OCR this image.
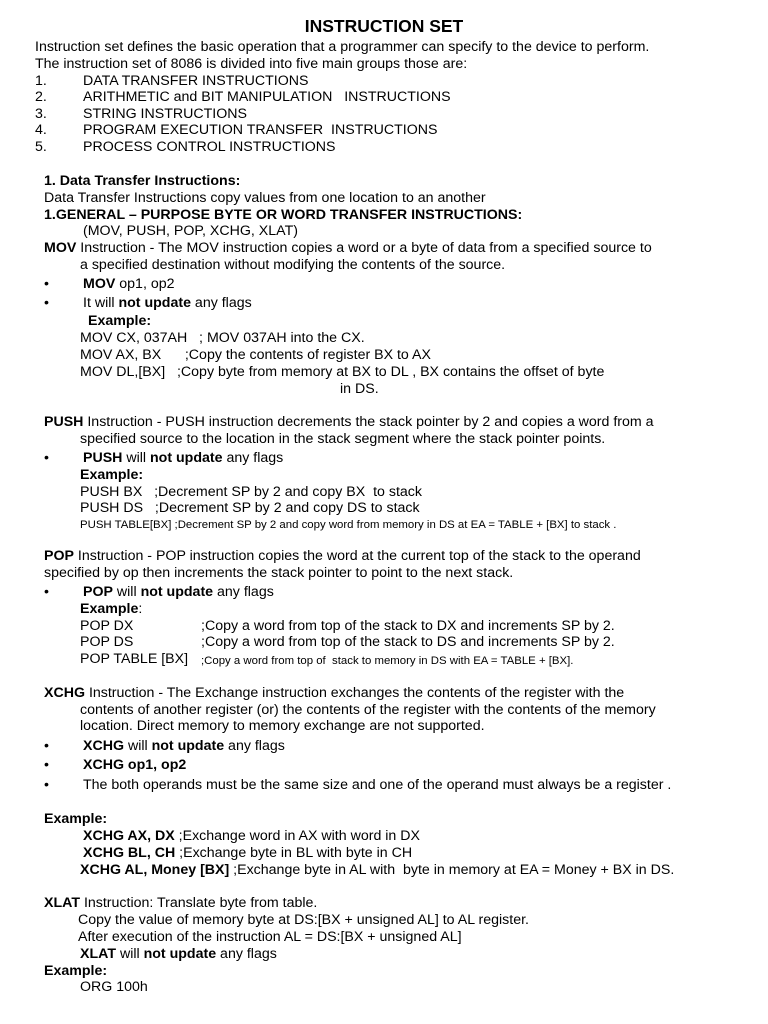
INSTRUCTION SET
Instruction set defines the basic operation that a programmer can specify to the device to perform.
The instruction set of 8086 is divided into five main groups those are:
1.	DATA TRANSFER INSTRUCTIONS
2.	ARITHMETIC and BIT MANIPULATION   INSTRUCTIONS
3.	STRING INSTRUCTIONS
4.	PROGRAM EXECUTION TRANSFER  INSTRUCTIONS
5.	PROCESS CONTROL INSTRUCTIONS
1. Data Transfer Instructions:
Data Transfer Instructions copy values from one location to an another
1.GENERAL – PURPOSE BYTE OR WORD TRANSFER INSTRUCTIONS:
(MOV, PUSH, POP, XCHG, XLAT)
MOV Instruction - The MOV instruction copies a word or a byte of data from a specified source to
a specified destination without modifying the contents of the source.
• MOV op1, op2
• It will not update any flags
Example:
MOV CX, 037AH   ; MOV 037AH into the CX.
MOV AX, BX      ;Copy the contents of register BX to AX
MOV DL,[BX]   ;Copy byte from memory at BX to DL , BX contains the offset of byte
in DS.
PUSH Instruction - PUSH instruction decrements the stack pointer by 2 and copies a word from a
specified source to the location in the stack segment where the stack pointer points.
• PUSH will not update any flags
Example:
PUSH BX   ;Decrement SP by 2 and copy BX  to stack
PUSH DS   ;Decrement SP by 2 and copy DS to stack
PUSH TABLE[BX] ;Decrement SP by 2 and copy word from memory in DS at EA = TABLE + [BX] to stack .
POP Instruction - POP instruction copies the word at the current top of the stack to the operand
specified by op then increments the stack pointer to point to the next stack.
• POP will not update any flags
Example:
POP DX	;Copy a word from top of the stack to DX and increments SP by 2.
POP DS	;Copy a word from top of the stack to DS and increments SP by 2.
POP TABLE [BX] ;Copy a word from top of  stack to memory in DS with EA = TABLE + [BX].
XCHG Instruction - The Exchange instruction exchanges the contents of the register with the
contents of another register (or) the contents of the register with the contents of the memory
location. Direct memory to memory exchange are not supported.
• XCHG will not update any flags
• XCHG op1, op2
• The both operands must be the same size and one of the operand must always be a register .
Example:
XCHG AX, DX ;Exchange word in AX with word in DX
XCHG BL, CH ;Exchange byte in BL with byte in CH
XCHG AL, Money [BX] ;Exchange byte in AL with  byte in memory at EA = Money + BX in DS.
XLAT Instruction: Translate byte from table.
Copy the value of memory byte at DS:[BX + unsigned AL] to AL register.
After execution of the instruction AL = DS:[BX + unsigned AL]
XLAT will not update any flags
Example:
ORG 100h
